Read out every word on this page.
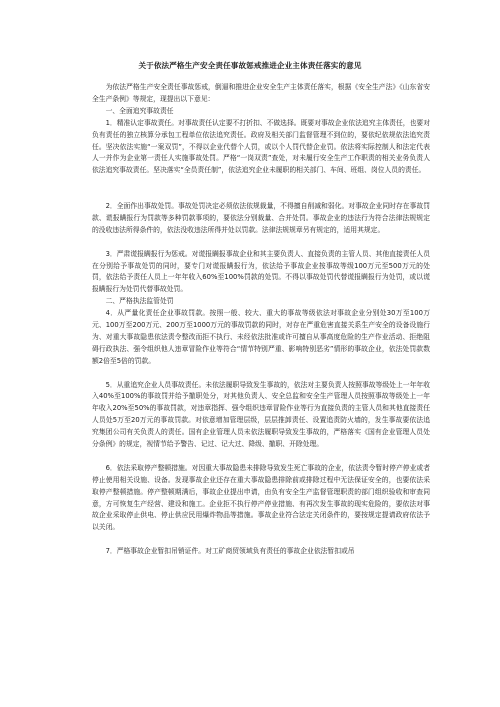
关于依法严格生产安全责任事故惩戒推进企业主体责任落实的意见

为依法严格生产安全责任事故惩戒，倒逼和推进企业安全生产主体责任落实，根据《安全生产法》《山东省安全生产条例》等规定，现提出以下意见：

一、全面追究事故责任

1．精准认定事故责任。对事故责任认定要不打折扣、不做选择。既要对事故企业依法追究主体责任，也要对负有责任的独立核算分承包工程单位依法追究责任。政府及相关部门监督管理不到位的，要依纪依规依法追究责任。坚决依法实施“一案双罚”，不得以企业代替个人罚，或以个人罚代替企业罚。依法将实际控制人和法定代表人一并作为企业第一责任人实施事故处罚。严格“一岗双责”查处，对未履行安全生产工作职责的相关业务负责人依法追究事故责任。坚决落实“全员责任制”，依法追究企业未履职的相关部门、车间、班组、岗位人员的责任。

2．全面作出事故处罚。事故处罚决定必须依法依规裁量，不得擅自削减和弱化。对事故企业同时存在事故罚款、谎报瞒报行为罚款等多种罚款事项的，要依法分别裁量、合并处罚。事故企业的违法行为符合法律法规规定的没收违法所得条件的，依法没收违法所得并处以罚款。法律法规规章另有规定的，适用其规定。

3．严肃谎报瞒报行为惩戒。对谎报瞒报事故企业和其主要负责人、直接负责的主管人员、其他直接责任人员在分别给予事故处罚的同时，要专门对谎报瞒报行为，依法给予事故企业按事故等级100万元至500万元的处罚，依法给予责任人员上一年年收入60%至100%罚款的处罚。不得以事故处罚代替谎报瞒报行为处罚，或以谎报瞒报行为处罚代替事故处罚。

二、严格执法监管处罚

4．从严量化责任企业事故罚款。按照一般、较大、重大的事故等级依法对事故企业分别处30万至100万元、100万至200万元、200万至1000万元的事故罚款的同时，对存在严重危害直接关系生产安全的设备设施行为、对重大事故隐患依法责令整改而拒不执行、未经依法批准或许可擅自从事高度危险的生产作业活动、拒绝阻碍行政执法、强令组织他人违章冒险作业等符合“情节特别严重、影响特别恶劣”情形的事故企业，依法处罚款数额2倍至5倍的罚款。

5．从重追究企业人员事故责任。未依法履职导致发生事故的，依法对主要负责人按照事故等级处上一年年收入40%至100%的事故罚并给予撤职处分，对其他负责人、安全总监和安全生产管理人员按照事故等级处上一年年收入20%至50%的事故罚款，对违章指挥、强令组织违章冒险作业等行为直接负责的主管人员和其他直接责任人员处5万至20万元的事故罚款。对依意增加管理层级，层层推卸责任、设置追责防火墙的，发生事故要依法追究集团公司有关负责人的责任。国有企业管理人员未依法履职导致发生事故的，严格落实《国有企业管理人员处分条例》的规定，视情节给予警告、记过、记大过、降级、撤职、开除处理。

6．依法采取停产整顿措施。对因重大事故隐患未排除导致发生死亡事故的企业，依法责令暂时停产停业或者停止使用相关设施、设备。发现事故企业还存在重大事故隐患排除前或排除过程中无法保证安全的，也要依法采取停产整顿措施。停产整顿期满后，事故企业提出申请，由负有安全生产监督管理职责的部门组织验收和审查同意，方可恢复生产经营、建设和施工。企业拒不执行停产停业措施、有再次发生事故的现实危险的，要依法对事故企业采取停止供电、停止供应民用爆炸物品等措施。事故企业符合法定关闭条件的，要按规定提请政府依法予以关闭。

7．严格事故企业暂扣吊销证件。对工矿商贸领域负有责任的事故企业依法暂扣或吊
